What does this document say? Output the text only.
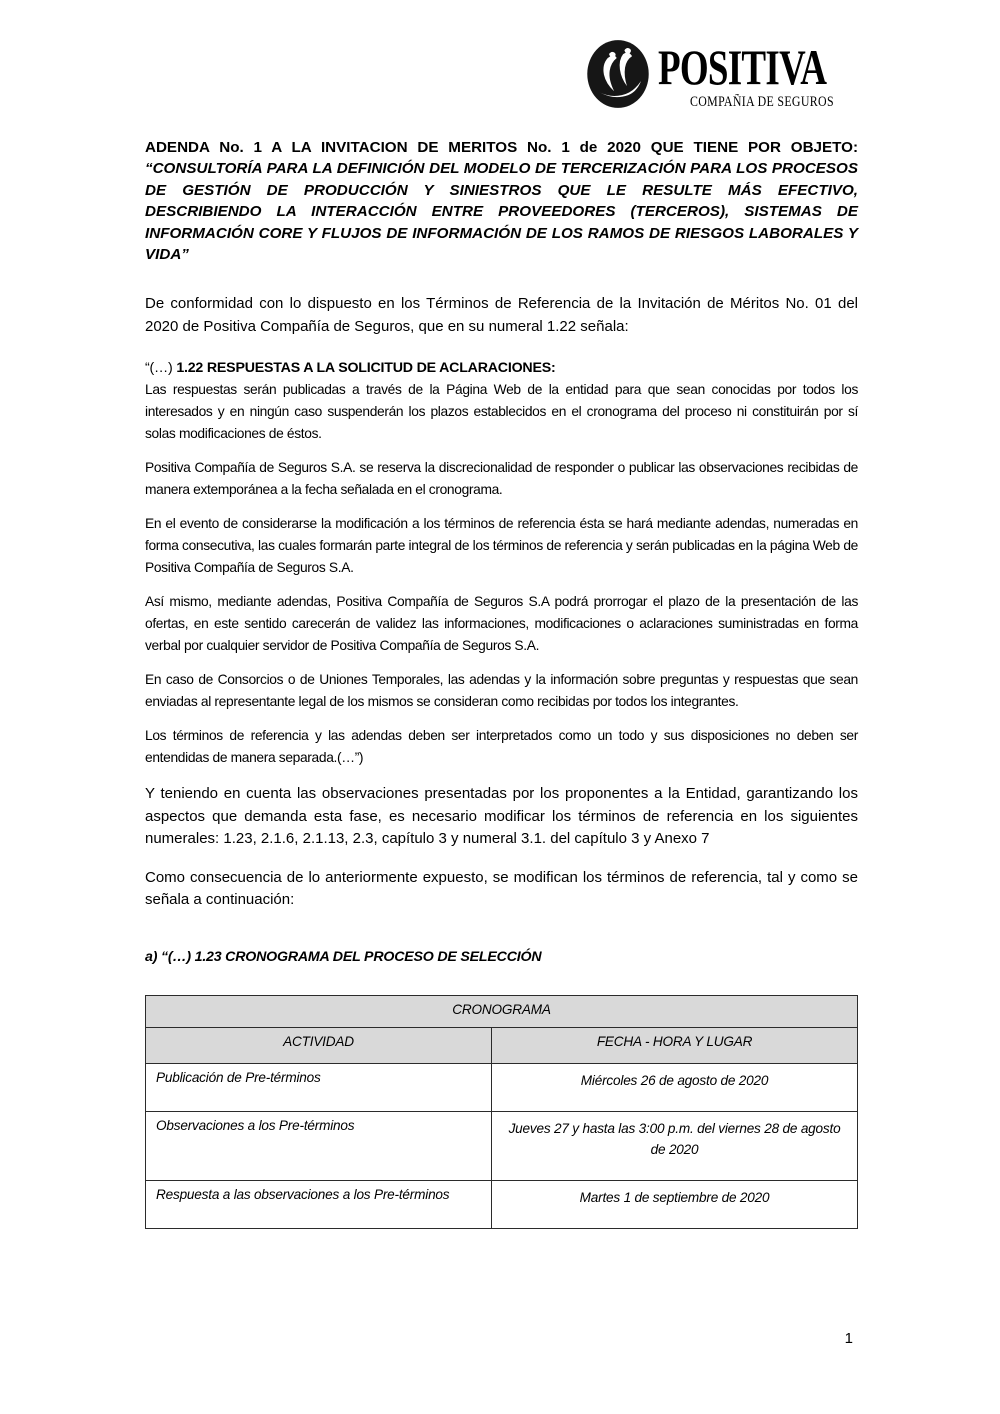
POSITIVA
COMPAÑIA DE SEGUROS

ADENDA No. 1 A LA INVITACION DE MERITOS No. 1 de 2020 QUE TIENE POR OBJETO: “CONSULTORÍA PARA LA DEFINICIÓN DEL MODELO DE TERCERIZACIÓN PARA LOS PROCESOS DE GESTIÓN DE PRODUCCIÓN Y SINIESTROS QUE LE RESULTE MÁS EFECTIVO, DESCRIBIENDO LA INTERACCIÓN ENTRE PROVEEDORES (TERCEROS), SISTEMAS DE INFORMACIÓN CORE Y FLUJOS DE INFORMACIÓN DE LOS RAMOS DE RIESGOS LABORALES Y VIDA”

De conformidad con lo dispuesto en los Términos de Referencia de la Invitación de Méritos No. 01 del 2020 de Positiva Compañía de Seguros, que en su numeral 1.22 señala:

“(…) 1.22 RESPUESTAS A LA SOLICITUD DE ACLARACIONES:

Las respuestas serán publicadas a través de la Página Web de la entidad para que sean conocidas por todos los interesados y en ningún caso suspenderán los plazos establecidos en el cronograma del proceso ni constituirán por sí solas modificaciones de éstos.

Positiva Compañía de Seguros S.A. se reserva la discrecionalidad de responder o publicar las observaciones recibidas de manera extemporánea a la fecha señalada en el cronograma.

En el evento de considerarse la modificación a los términos de referencia ésta se hará mediante adendas, numeradas en forma consecutiva, las cuales formarán parte integral de los términos de referencia y serán publicadas en la página Web de Positiva Compañía de Seguros S.A.

Así mismo, mediante adendas, Positiva Compañía de Seguros S.A podrá prorrogar el plazo de la presentación de las ofertas, en este sentido carecerán de validez las informaciones, modificaciones o aclaraciones suministradas en forma verbal por cualquier servidor de Positiva Compañía de Seguros S.A.

En caso de Consorcios o de Uniones Temporales, las adendas y la información sobre preguntas y respuestas que sean enviadas al representante legal de los mismos se consideran como recibidas por todos los integrantes.

Los términos de referencia y las adendas deben ser interpretados como un todo y sus disposiciones no deben ser entendidas de manera separada.(…”)

Y teniendo en cuenta las observaciones presentadas por los proponentes a la Entidad, garantizando los aspectos que demanda esta fase, es necesario modificar los términos de referencia en los siguientes numerales: 1.23, 2.1.6, 2.1.13, 2.3, capítulo 3 y numeral 3.1. del capítulo 3 y Anexo 7

Como consecuencia de lo anteriormente expuesto, se modifican los términos de referencia, tal y como se señala a continuación:

a) “(…) 1.23 CRONOGRAMA DEL PROCESO DE SELECCIÓN

CRONOGRAMA	
ACTIVIDAD	FECHA - HORA Y LUGAR
Publicación de Pre-términos	Miércoles 26 de agosto de 2020
Observaciones a los Pre-términos	Jueves 27 y hasta las 3:00 p.m. del viernes 28 de agosto de 2020
Respuesta a las observaciones a los Pre-términos	Martes 1 de septiembre de 2020
1
